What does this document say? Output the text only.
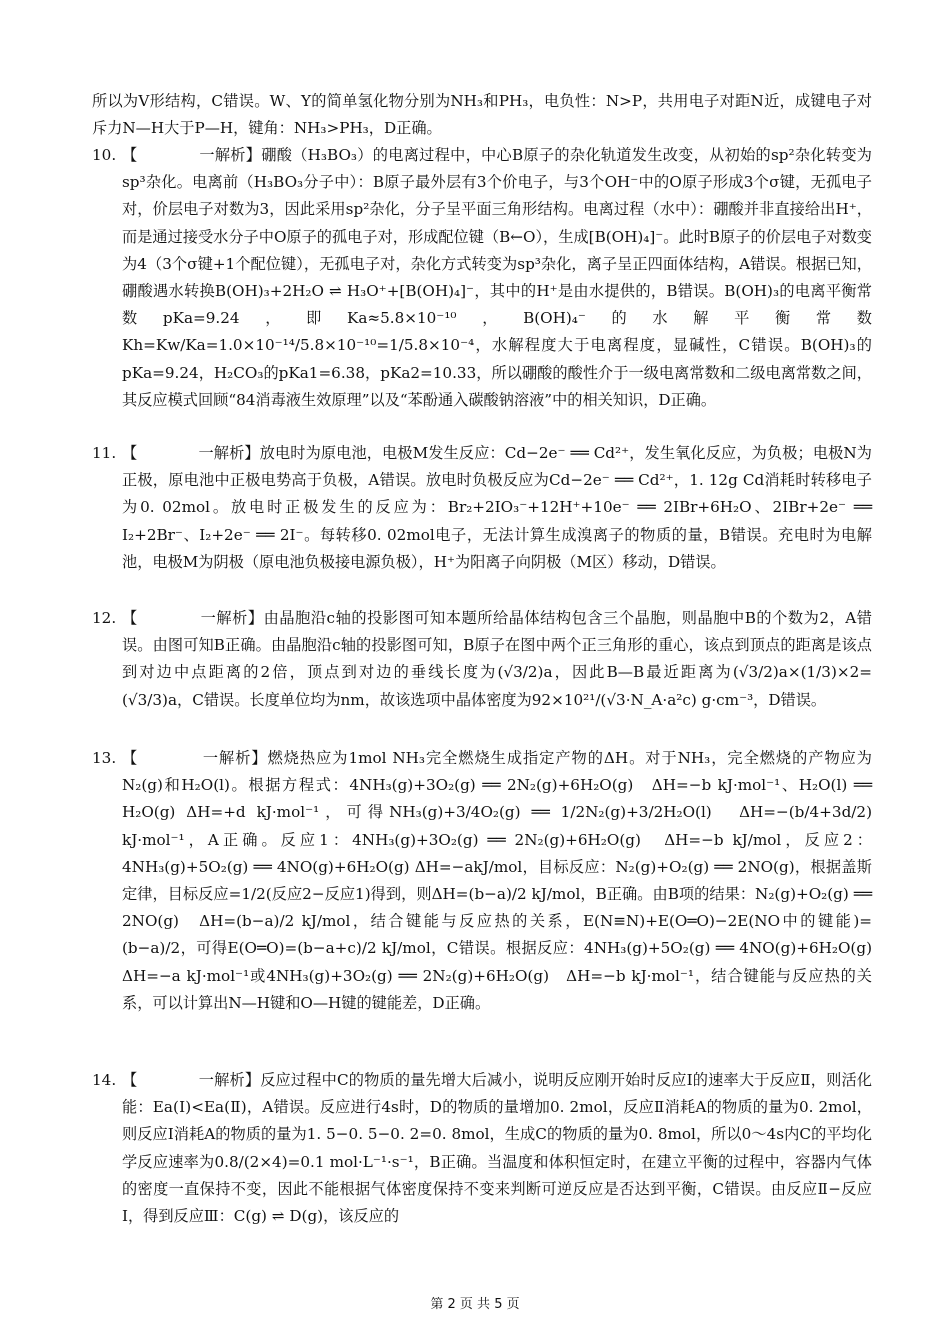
所以为V形结构，C错误。W、Y的简单氢化物分别为NH₃和PH₃，电负性：N>P，共用电子对距N近，成键电子对斥力N—H大于P—H，键角：NH₃>PH₃，D正确。

10. 【　　　　一解析】硼酸（H₃BO₃）的电离过程中，中心B原子的杂化轨道发生改变，从初始的sp²杂化转变为sp³杂化。电离前（H₃BO₃分子中）：B原子最外层有3个价电子，与3个OH⁻中的O原子形成3个σ键，无孤电子对，价层电子对数为3，因此采用sp²杂化，分子呈平面三角形结构。电离过程（水中）：硼酸并非直接给出H⁺，而是通过接受水分子中O原子的孤电子对，形成配位键（B←O），生成[B(OH)₄]⁻。此时B原子的价层电子对数变为4（3个σ键+1个配位键），无孤电子对，杂化方式转变为sp³杂化，离子呈正四面体结构，A错误。根据已知，硼酸遇水转换B(OH)₃+2H₂O ⇌ H₃O⁺+[B(OH)₄]⁻，其中的H⁺是由水提供的，B错误。B(OH)₃的电离平衡常数pKa=9.24，即Ka≈5.8×10⁻¹⁰，B(OH)₄⁻的水解平衡常数Kh=Kw/Ka=1.0×10⁻¹⁴/5.8×10⁻¹⁰=1/5.8×10⁻⁴，水解程度大于电离程度，显碱性，C错误。B(OH)₃的pKa=9.24，H₂CO₃的pKa1=6.38，pKa2=10.33，所以硼酸的酸性介于一级电离常数和二级电离常数之间，其反应模式回顾“84消毒液生效原理”以及“苯酚通入碳酸钠溶液”中的相关知识，D正确。
11. 【　　　　一解析】放电时为原电池，电极M发生反应：Cd−2e⁻ ══ Cd²⁺，发生氧化反应，为负极；电极N为正极，原电池中正极电势高于负极，A错误。放电时负极反应为Cd−2e⁻ ══ Cd²⁺，1. 12g Cd消耗时转移电子为0. 02mol。放电时正极发生的反应为：Br₂+2IO₃⁻+12H⁺+10e⁻ ══ 2IBr+6H₂O、2IBr+2e⁻ ══ I₂+2Br⁻、I₂+2e⁻ ══ 2I⁻。每转移0. 02mol电子，无法计算生成溴离子的物质的量，B错误。充电时为电解池，电极M为阴极（原电池负极接电源负极），H⁺为阳离子向阴极（M区）移动，D错误。
12. 【　　　　一解析】由晶胞沿c轴的投影图可知本题所给晶体结构包含三个晶胞，则晶胞中B的个数为2，A错误。由图可知B正确。由晶胞沿c轴的投影图可知，B原子在图中两个正三角形的重心，该点到顶点的距离是该点到对边中点距离的2倍，顶点到对边的垂线长度为(√3/2)a，因此B—B最近距离为(√3/2)a×(1/3)×2=(√3/3)a，C错误。长度单位均为nm，故该选项中晶体密度为92×10²¹/(√3·N_A·a²c) g·cm⁻³，D错误。
13. 【　　　　一解析】燃烧热应为1mol NH₃完全燃烧生成指定产物的ΔH。对于NH₃，完全燃烧的产物应为N₂(g)和H₂O(l)。根据方程式：4NH₃(g)+3O₂(g) ══ 2N₂(g)+6H₂O(g)　ΔH=−b kJ·mol⁻¹、H₂O(l) ══ H₂O(g) ΔH=+d kJ·mol⁻¹，可得NH₃(g)+3/4O₂(g) ══ 1/2N₂(g)+3/2H₂O(l)　ΔH=−(b/4+3d/2) kJ·mol⁻¹，A正确。反应1：4NH₃(g)+3O₂(g) ══ 2N₂(g)+6H₂O(g)　ΔH=−b kJ/mol，反应2：4NH₃(g)+5O₂(g) ══ 4NO(g)+6H₂O(g) ΔH=−akJ/mol，目标反应：N₂(g)+O₂(g) ══ 2NO(g)，根据盖斯定律，目标反应=1/2(反应2−反应1)得到，则ΔH=(b−a)/2 kJ/mol，B正确。由B项的结果：N₂(g)+O₂(g) ══ 2NO(g)　ΔH=(b−a)/2 kJ/mol，结合键能与反应热的关系，E(N≡N)+E(O═O)−2E(NO中的键能)=(b−a)/2，可得E(O═O)=(b−a+c)/2 kJ/mol，C错误。根据反应：4NH₃(g)+5O₂(g) ══ 4NO(g)+6H₂O(g)　ΔH=−a kJ·mol⁻¹或4NH₃(g)+3O₂(g) ══ 2N₂(g)+6H₂O(g)　ΔH=−b kJ·mol⁻¹，结合键能与反应热的关系，可以计算出N—H键和O—H键的键能差，D正确。
14. 【　　　　一解析】反应过程中C的物质的量先增大后减小，说明反应刚开始时反应Ⅰ的速率大于反应Ⅱ，则活化能：Ea(Ⅰ)<Ea(Ⅱ)，A错误。反应进行4s时，D的物质的量增加0. 2mol，反应Ⅱ消耗A的物质的量为0. 2mol，则反应Ⅰ消耗A的物质的量为1. 5−0. 5−0. 2=0. 8mol，生成C的物质的量为0. 8mol，所以0～4s内C的平均化学反应速率为0.8/(2×4)=0.1 mol·L⁻¹·s⁻¹，B正确。当温度和体积恒定时，在建立平衡的过程中，容器内气体的密度一直保持不变，因此不能根据气体密度保持不变来判断可逆反应是否达到平衡，C错误。由反应Ⅱ−反应Ⅰ，得到反应Ⅲ：C(g) ⇌ D(g)，该反应的
第 2 页 共 5 页
